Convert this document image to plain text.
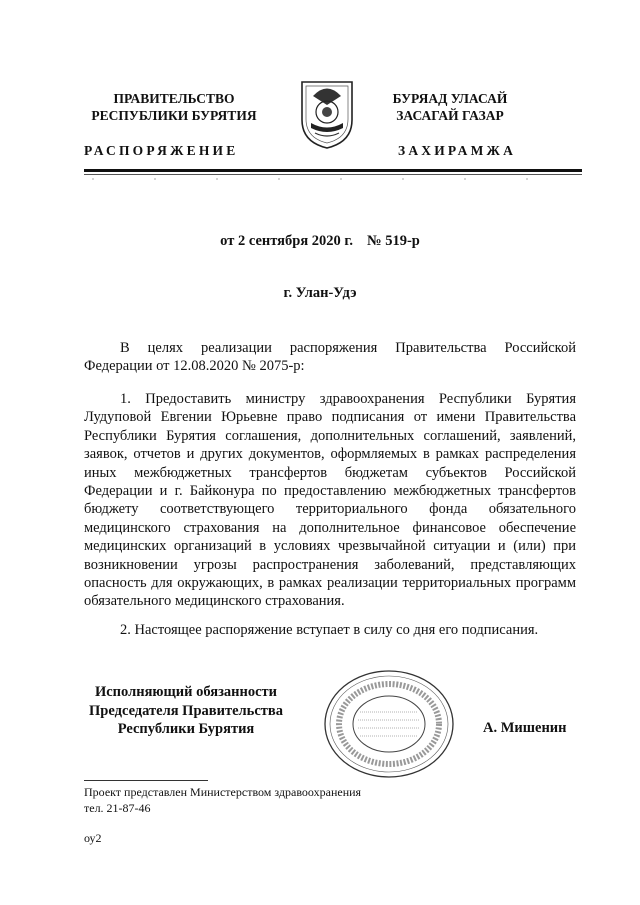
ПРАВИТЕЛЬСТВО
РЕСПУБЛИКИ БУРЯТИЯ
БУРЯАД УЛАСАЙ
ЗАСАГАЙ ГАЗАР
РАСПОРЯЖЕНИЕ	ЗАХИРАМЖА
от 2 сентября 2020 г. № 519-р
г. Улан-Удэ

В целях реализации распоряжения Правительства Российской Федерации от 12.08.2020 № 2075-р:

1. Предоставить министру здравоохранения Республики Бурятия Лудуповой Евгении Юрьевне право подписания от имени Правительства Республики Бурятия соглашения, дополнительных соглашений, заявлений, заявок, отчетов и других документов, оформляемых в рамках распределения иных межбюджетных трансфертов бюджетам субъектов Российской Федерации и г. Байконура по предоставлению межбюджетных трансфертов бюджету соответствующего территориального фонда обязательного медицинского страхования на дополнительное финансовое обеспечение медицинских организаций в условиях чрезвычайной ситуации и (или) при возникновении угрозы распространения заболеваний, представляющих опасность для окружающих, в рамках реализации территориальных программ обязательного медицинского страхования.

2. Настоящее распоряжение вступает в силу со дня его подписания.

Исполняющий обязанности
Председателя Правительства
Республики Бурятия	А. Мишенин
Проект представлен Министерством здравоохранения
тел. 21-87-46
оу2
